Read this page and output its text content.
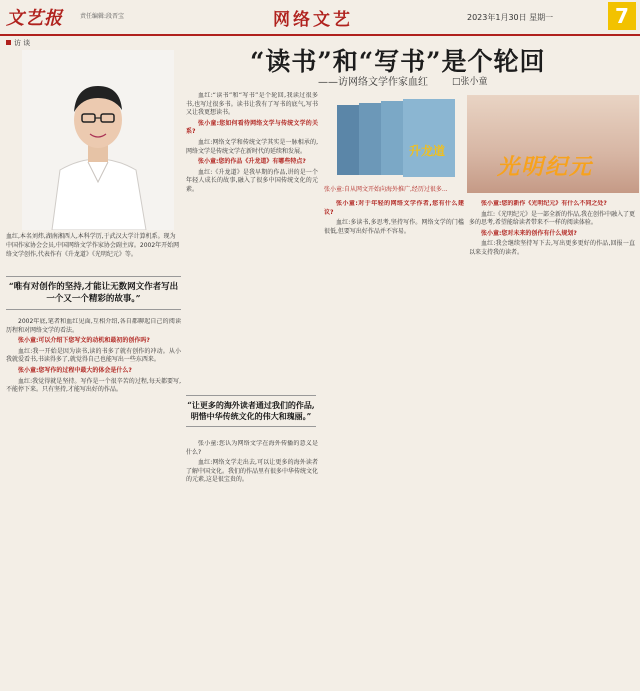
文艺报	责任编辑:段晋宝	网络文艺	2023年1月30日 星期一	7
访 谈
“读书”和“写书”是个轮回
——访网络文学作家血红	□张小童
血红,本名刘炜,湖南湘西人,本科学历,于武汉大学计算机系。现为中国作家协会会员,中国网络文学作家协会副主席。2002年开始网络文学创作,代表作有《升龙道》《光明纪元》等。
“唯有对创作的坚持,才能让无数网文作者写出一个又一个精彩的故事。”

2002年底,笔者和血红见面,互相介绍,各自都聊起自己的阅读历程和对网络文学的看法。

张小童:可以介绍下您写文的动机和最初的创作吗?

血红:我一开始是因为读书,读的书多了就有创作的冲动。从小我就爱看书,书读得多了,就觉得自己也能写出一些东西来。

张小童:您写作的过程中最大的体会是什么?

血红:我觉得就是坚持。写作是一个很辛苦的过程,每天都要写,不能停下来。只有坚持,才能写出好的作品。

血红:“读书”和“写书”是个轮回,我读过很多书,也写过很多书。读书让我有了写书的底气,写书又让我更想读书。

张小童:您如何看待网络文学与传统文学的关系?

血红:网络文学和传统文学其实是一脉相承的,网络文学是传统文学在新时代的延续和发展。

张小童:您的作品《升龙道》有哪些特点?

血红:《升龙道》是我早期的作品,讲的是一个年轻人成长的故事,融入了很多中国传统文化的元素。

“让更多的海外读者通过我们的作品,明惜中华传统文化的伟大和瑰丽。”

张小童:您认为网络文学在海外传播的意义是什么?

血红:网络文学走出去,可以让更多的海外读者了解中国文化。我们的作品里有很多中华传统文化的元素,这是很宝贵的。

升龙道
光明纪元
张小童:自从网文开始向海外推广,经历过很多...

张小童:对于年轻的网络文学作者,您有什么建议?

血红:多读书,多思考,坚持写作。网络文学的门槛很低,但要写出好作品并不容易。

张小童:您的新作《光明纪元》有什么不同之处?

血红:《光明纪元》是一部全新的作品,我在创作中融入了更多的思考,希望能给读者带来不一样的阅读体验。

张小童:您对未来的创作有什么规划?

血红:我会继续坚持写下去,写出更多更好的作品,回报一直以来支持我的读者。
